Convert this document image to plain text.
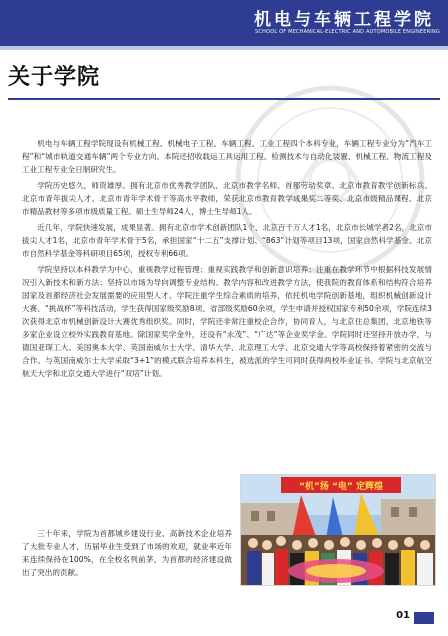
机电与车辆工程学院
SCHOOL OF MECHANICAL-ELECTRIC AND AUTOMOBILE ENGINEERING
关于学院

机电与车辆工程学院现设有机械工程、机械电子工程、车辆工程、工业工程四个本科专业，车辆工程专业分为“汽车工程”和“城市轨道交通车辆”两个专业方向。本院还招收载运工具运用工程、检测技术与自动化装置、机械工程、物流工程及工业工程专业全日制研究生。

学院历史悠久，师资雄厚。拥有北京市优秀教学团队、北京市教学名师、首都劳动奖章、北京市教育教学创新标兵、北京市青年拔尖人才、北京市青年学术骨干等高水平教师，荣获北京市教育教学成果奖二等奖、北京市级精品课程、北京市精品教材等多项市级质量工程。硕士生导师24人，博士生导师1人。

近几年，学院快速发展，成果显著。拥有北京市学术创新团队1个、北京百千万人才1名，北京市长城学者2名，北京市拔尖人才1名，北京市青年学术骨干5名，承担国家“十二五”支撑计划、“863”计划等项目13项，国家自然科学基金、北京市自然科学基金等科研项目65项，授权专利66项。

学院坚持以本科教学为中心，重视教学过程管理；重视实践教学和创新意识培养；注重在教学环节中根据科技发展情况引入新技术和新方法；坚持以市场为导向调整专业结构、教学内容和改进教学方法，使我院的教育体系和结构符合培养国家及首都经济社会发展需要的应用型人才。学院注重学生综合素质的培养，依托机电学院创新基地，组织机械创新设计大赛、“挑战杯”等科技活动，学生获得国家级奖励8项、省部级奖励60余项，学生申请并授权国家专利50余项，学院连续3次获得北京市机械创新设计大赛优秀组织奖。同时，学院还非常注重校企合作，协同育人，与北京住总集团、北京地铁等多家企业设立校外实践教育基地。除国家奖学金外，还设有“永茂”、“广达”等企业奖学金。学院同时还坚持开放办学，与德国亚琛工大、美国奥本大学、英国南威尔士大学、清华大学、北京理工大学、北京交通大学等高校保持着紧密的交流与合作。与英国南威尔士大学采取“3+1”的模式联合培养本科生，被选派的学生可同时获得两校毕业证书。学院与北京航空航天大学和北京交通大学进行“双培”计划。

“机”扬 “电” 定辉煌

三十年来，学院为首都城乡建设行业、高新技术企业培养了大批专业人才，历届毕业生受到了市场的欢迎，就业率近年来连续保持在100%，在全校名列前茅，为首都的经济建设做出了突出的贡献。

01
